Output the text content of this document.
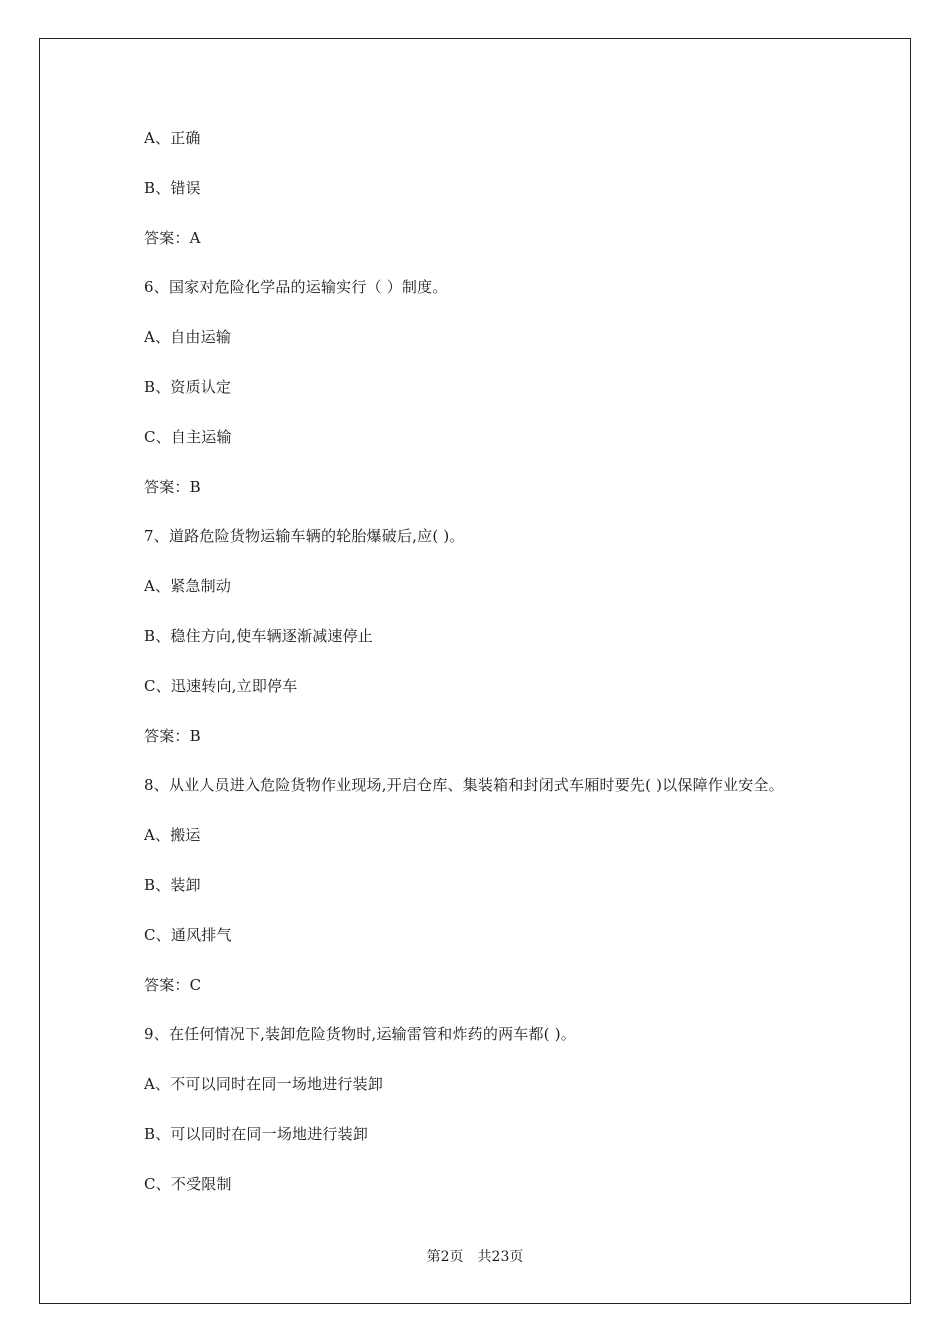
A、正确
B、错误
答案：A
6、国家对危险化学品的运输实行（ ）制度。
A、自由运输
B、资质认定
C、自主运输
答案：B
7、道路危险货物运输车辆的轮胎爆破后,应( )。
A、紧急制动
B、稳住方向,使车辆逐渐减速停止
C、迅速转向,立即停车
答案：B
8、从业人员进入危险货物作业现场,开启仓库、集装箱和封闭式车厢时要先( )以保障作业安全。
A、搬运
B、装卸
C、通风排气
答案：C
9、在任何情况下,装卸危险货物时,运输雷管和炸药的两车都( )。
A、不可以同时在同一场地进行装卸
B、可以同时在同一场地进行装卸
C、不受限制
第2页 共23页
